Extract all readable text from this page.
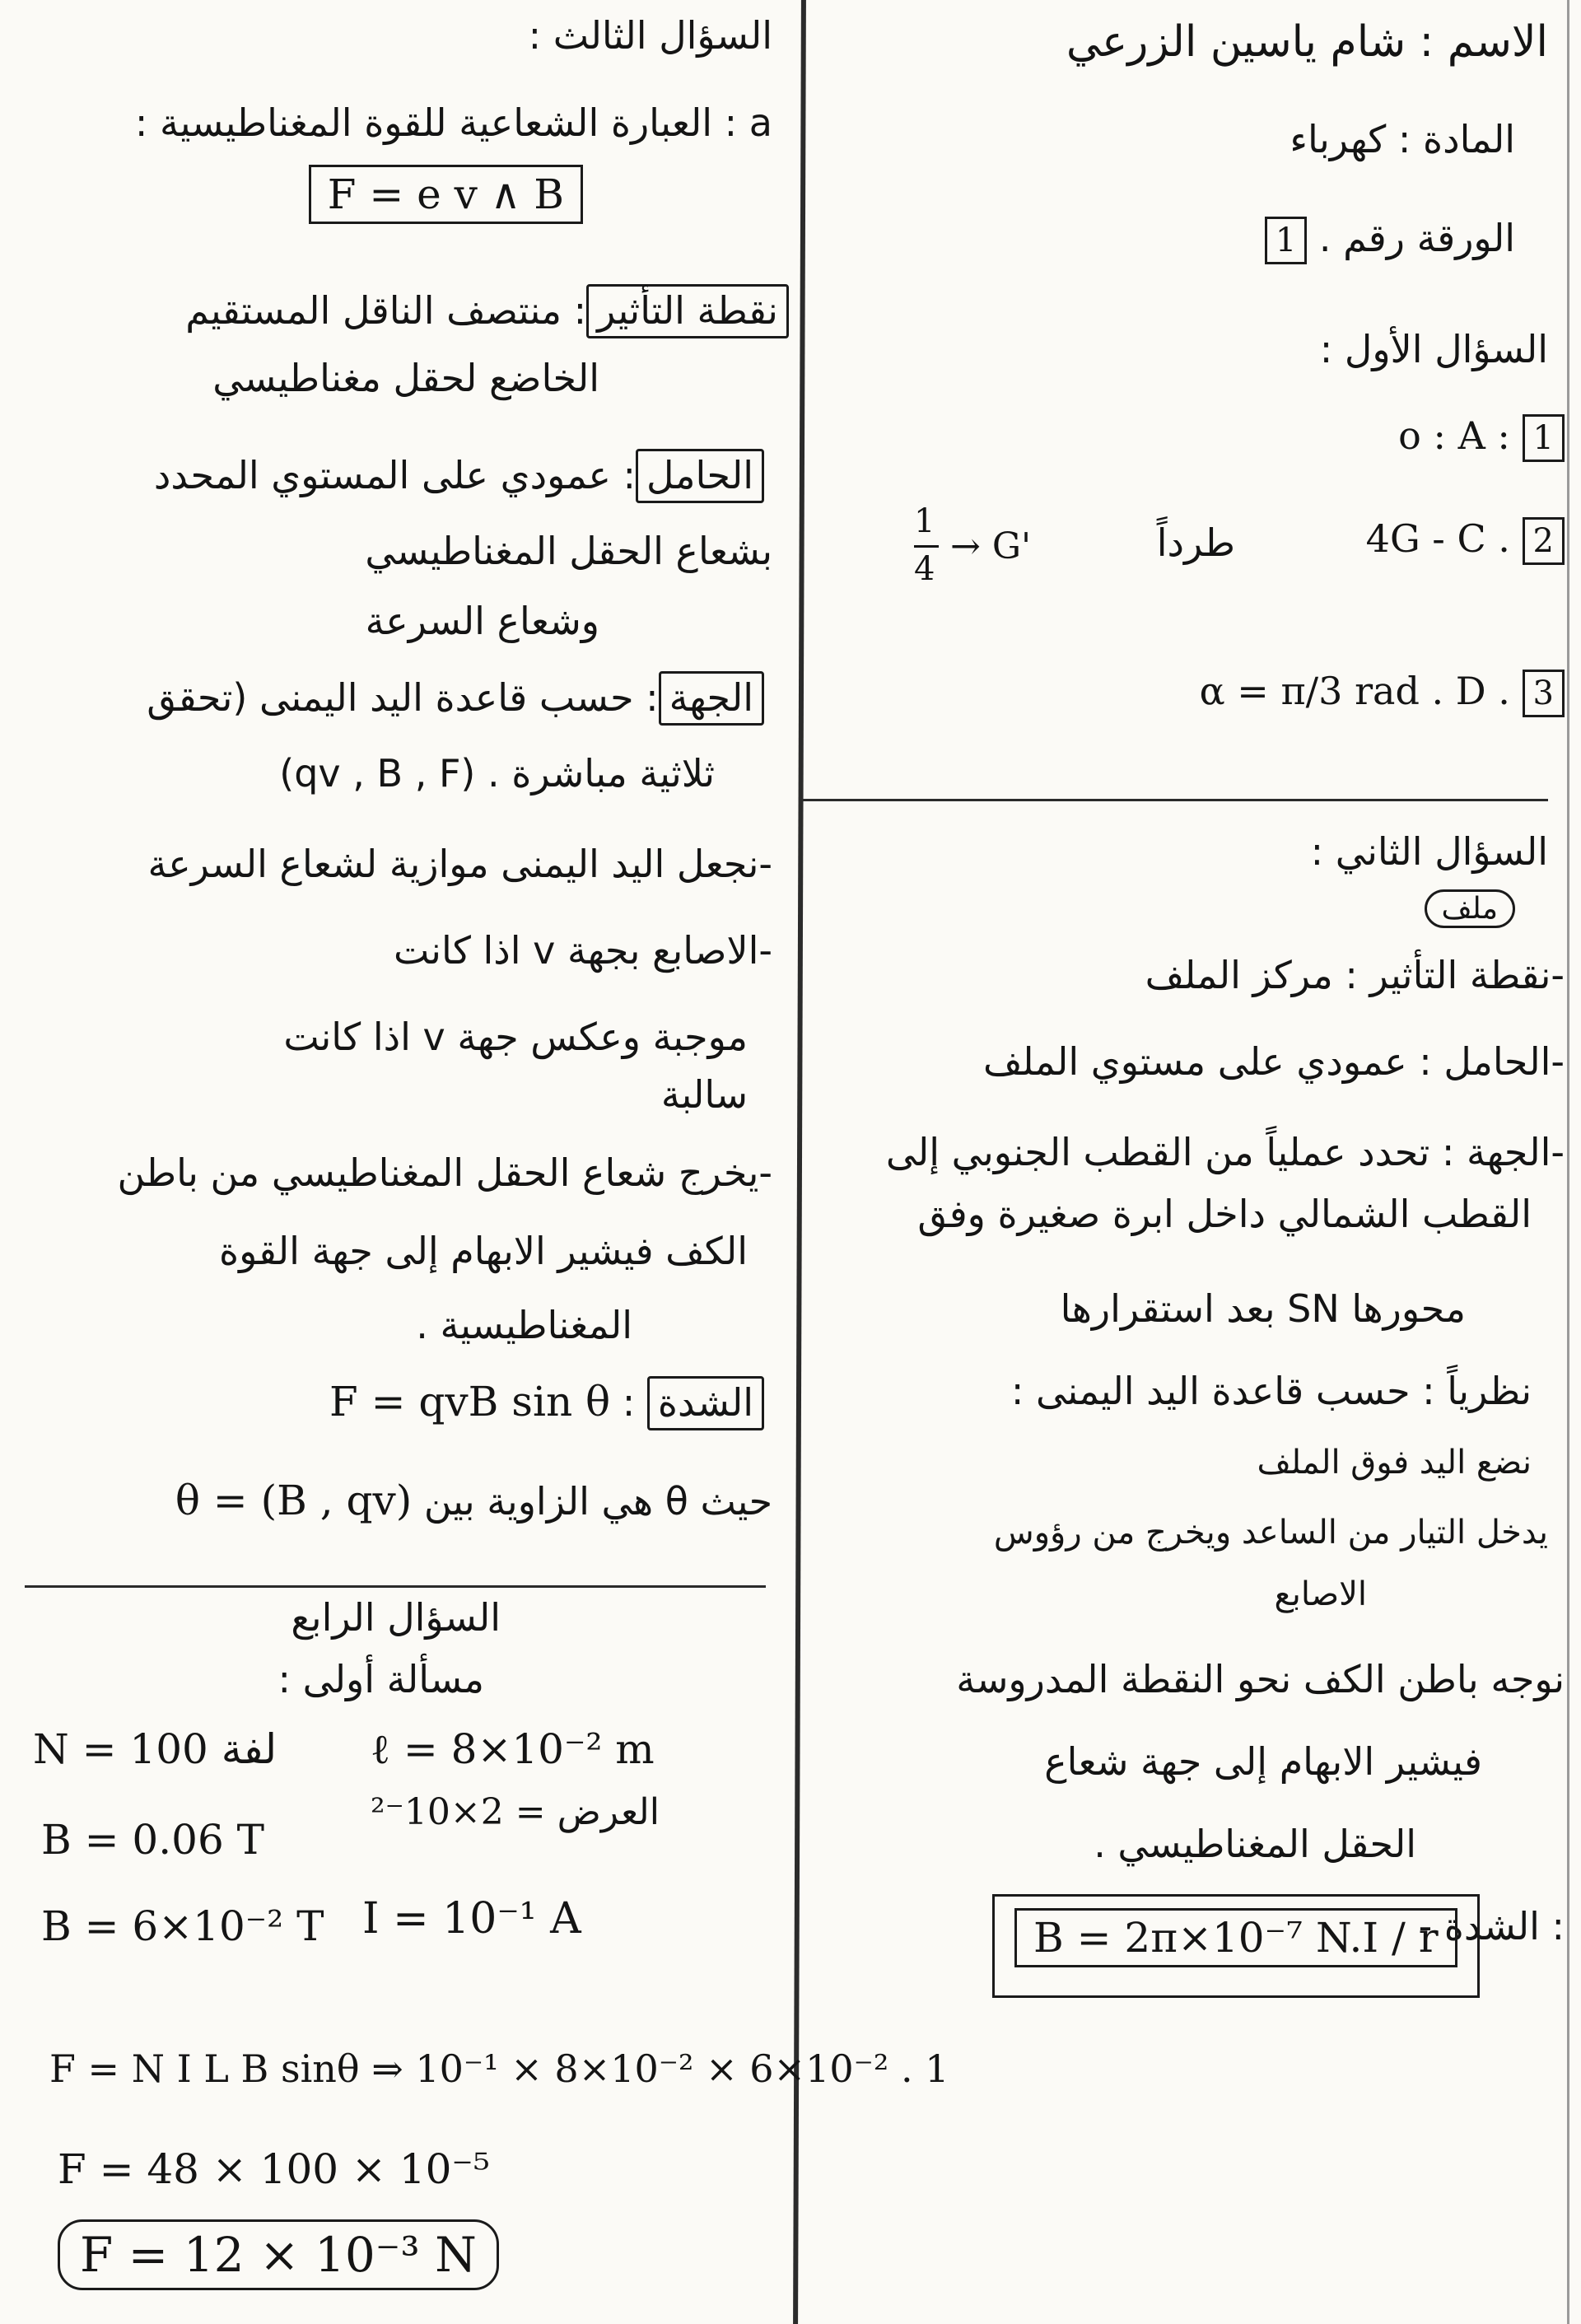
الاسم : شام ياسين الزرعي

المادة : كهرباء

الورقة رقم . 1

السؤال الأول :

1 o : A :

2 4G - C .

طرداً

1
4
→ G'

3 α = π/3 rad . D .

السؤال الثاني :

ملف

-نقطة التأثير : مركز الملف

-الحامل : عمودي على مستوي الملف

-الجهة : تحدد عملياً من القطب الجنوبي إلى

القطب الشمالي داخل ابرة صغيرة وفق

محورها SN بعد استقرارها

نظرياً : حسب قاعدة اليد اليمنى :

نضع اليد فوق الملف

يدخل التيار من الساعد ويخرج من رؤوس

الاصابع

نوجه باطن الكف نحو النقطة المدروسة

فيشير الابهام إلى جهة شعاع

الحقل المغناطيسي .

: الشدة -

B = 2π×10⁻⁷ N.I / r

السؤال الثالث :

a : العبارة الشعاعية للقوة المغناطيسية :

F = e v ∧ B

نقطة التأثير: منتصف الناقل المستقيم

الخاضع لحقل مغناطيسي

الحامل: عمودي على المستوي المحدد

بشعاع الحقل المغناطيسي

وشعاع السرعة

الجهة: حسب قاعدة اليد اليمنى (تحقق

ثلاثية مباشرة . (qv , B , F)

-نجعل اليد اليمنى موازية لشعاع السرعة

-الاصابع بجهة v اذا كانت

موجبة وعكس جهة v اذا كانت

سالبة

-يخرج شعاع الحقل المغناطيسي من باطن

الكف فيشير الابهام إلى جهة القوة

المغناطيسية .

الشدة : F = qvB sin θ

حيث θ هي الزاوية بين θ = (B , qv)

السؤال الرابع

مسألة أولى :

N = 100 لفة ℓ = 8×10⁻² m
العرض = 2×10⁻²
B = 0.06 T
B = 6×10⁻² T I = 10⁻¹ A
F = N I L B sinθ ⇒ 10⁻¹ × 8×10⁻² × 6×10⁻² . 1
F = 48 × 100 × 10⁻⁵
F = 12 × 10⁻³ N
